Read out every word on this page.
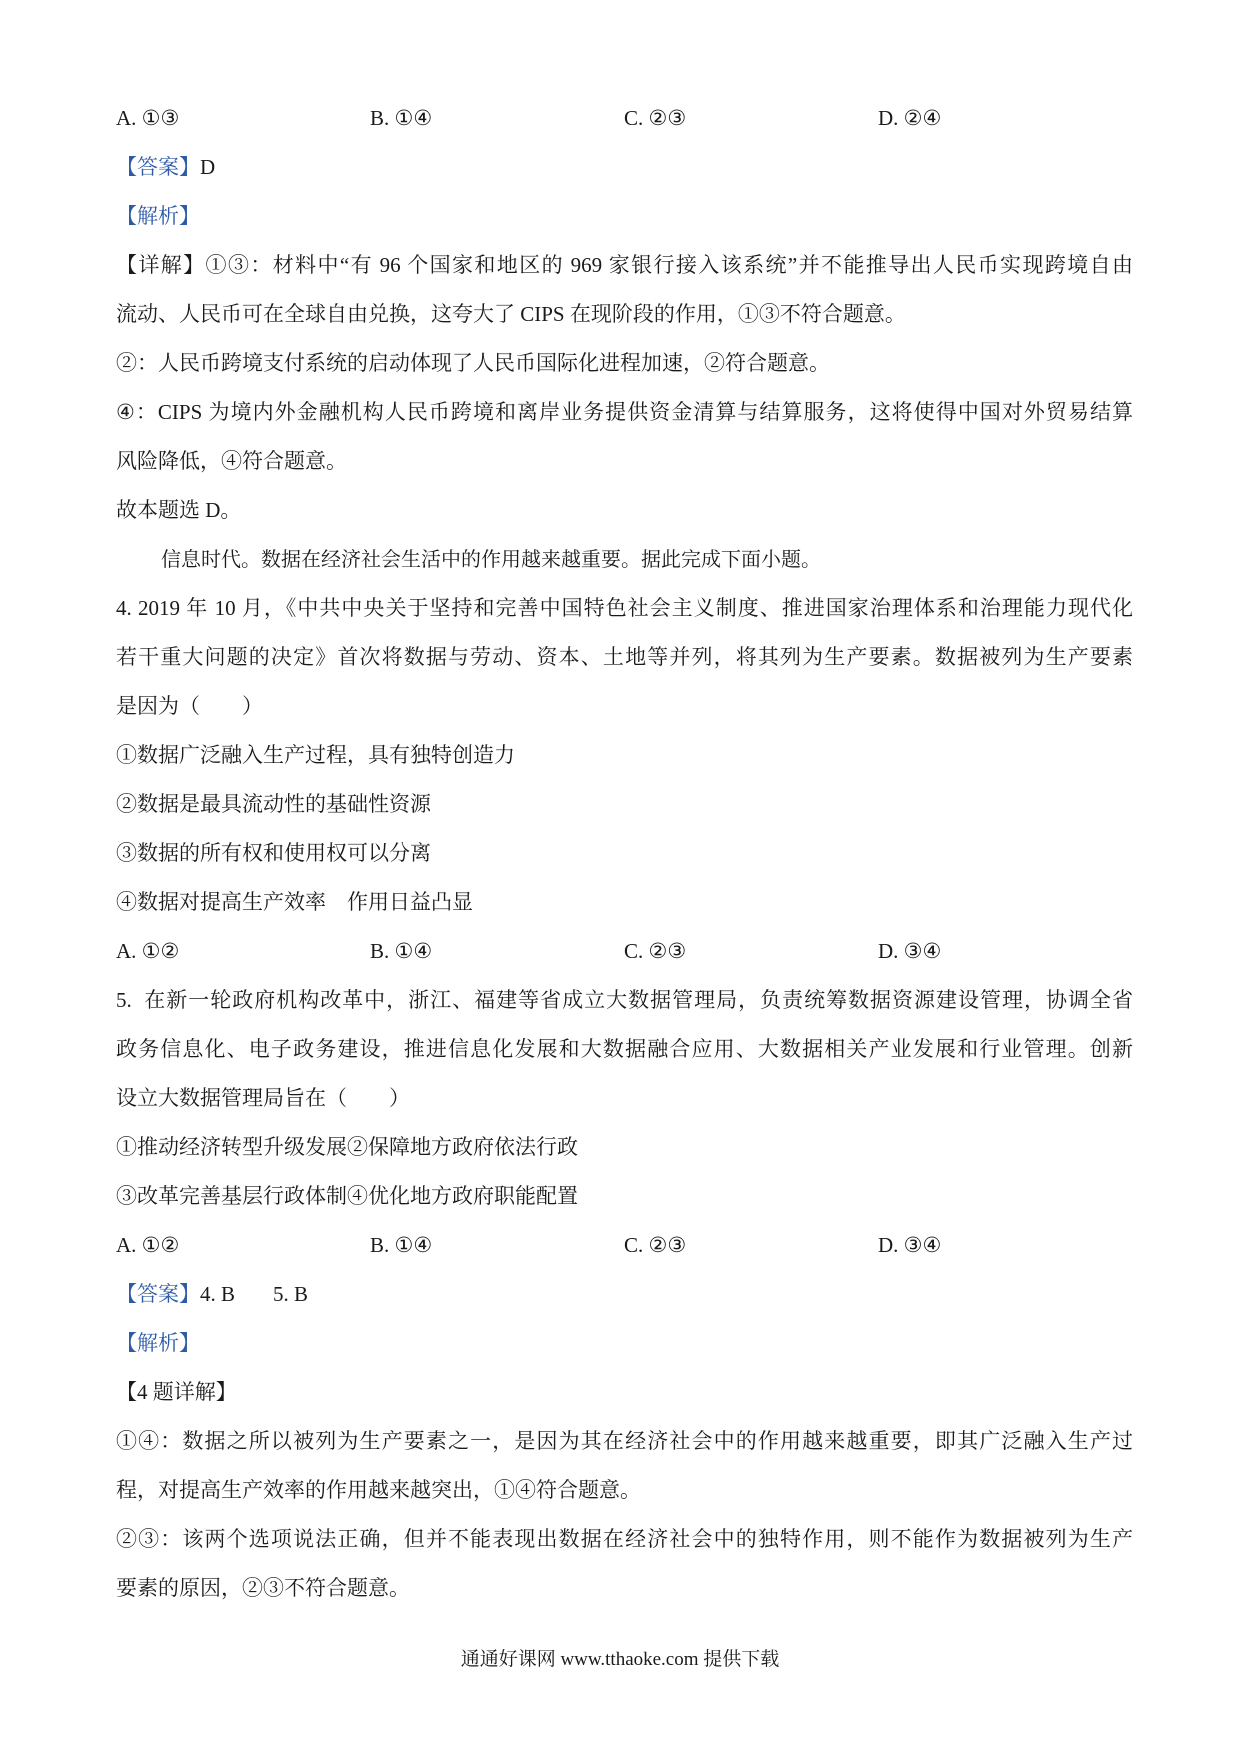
A. ①③	B. ①④	C. ②③	D. ②④
【答案】D
【解析】
【详解】①③：材料中“有 96 个国家和地区的 969 家银行接入该系统”并不能推导出人民币实现跨境自由
流动、人民币可在全球自由兑换，这夸大了 CIPS 在现阶段的作用，①③不符合题意。
②：人民币跨境支付系统的启动体现了人民币国际化进程加速，②符合题意。
④：CIPS 为境内外金融机构人民币跨境和离岸业务提供资金清算与结算服务，这将使得中国对外贸易结算
风险降低，④符合题意。
故本题选 D。
信息时代。数据在经济社会生活中的作用越来越重要。据此完成下面小题。
4. 2019 年 10 月，《中共中央关于坚持和完善中国特色社会主义制度、推进国家治理体系和治理能力现代化
若干重大问题的决定》首次将数据与劳动、资本、土地等并列，将其列为生产要素。数据被列为生产要素
是因为（　　）
①数据广泛融入生产过程，具有独特创造力
②数据是最具流动性的基础性资源
③数据的所有权和使用权可以分离
④数据对提高生产效率　作用日益凸显
A. ①②	B. ①④	C. ②③	D. ③④
5.  在新一轮政府机构改革中，浙江、福建等省成立大数据管理局，负责统筹数据资源建设管理，协调全省
政务信息化、电子政务建设，推进信息化发展和大数据融合应用、大数据相关产业发展和行业管理。创新
设立大数据管理局旨在（　　）
①推动经济转型升级发展②保障地方政府依法行政
③改革完善基层行政体制④优化地方政府职能配置
A. ①②	B. ①④	C. ②③	D. ③④
【答案】4. B 5. B
【解析】
【4 题详解】
①④：数据之所以被列为生产要素之一，是因为其在经济社会中的作用越来越重要，即其广泛融入生产过
程，对提高生产效率的作用越来越突出，①④符合题意。
②③：该两个选项说法正确，但并不能表现出数据在经济社会中的独特作用，则不能作为数据被列为生产
要素的原因，②③不符合题意。
通通好课网 www.tthaoke.com 提供下载
